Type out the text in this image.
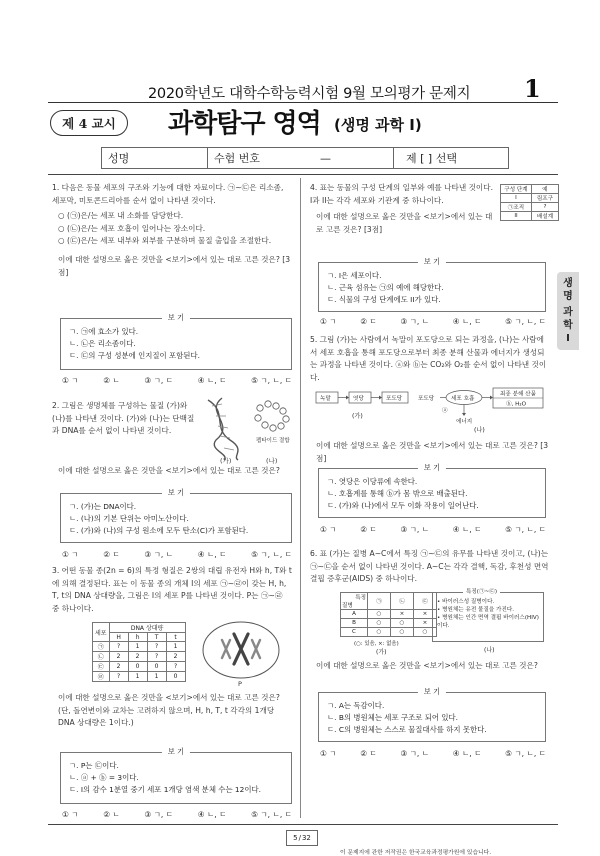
2020학년도 대학수학능력시험 9월 모의평가 문제지 1
제 4 교시	과학탐구 영역 (생명 과학 I)
성명	수험 번호	—	제 [ ] 선택
생
명
과
학
I

1. 다음은 동물 세포의 구조와 기능에 대한 자료이다. ㉠~㉢은 리소좀, 세포막, 미토콘드리아를 순서 없이 나타낸 것이다.

○ (㉠)은/는 세포 내 소화를 담당한다.

○ (㉡)은/는 세포 호흡이 일어나는 장소이다.

○ (㉢)은/는 세포 내부와 외부를 구분하며 물질 출입을 조절한다.

이에 대한 설명으로 옳은 것만을 <보기>에서 있는 대로 고른 것은? [3점]

보 기
ㄱ. ㉠에 효소가 있다.
ㄴ. ㉡은 리소좀이다.
ㄷ. ㉢의 구성 성분에 인지질이 포함된다.
① ㄱ	② ㄴ	③ ㄱ, ㄷ	④ ㄴ, ㄷ	⑤ ㄱ, ㄴ, ㄷ

2. 그림은 생명체를 구성하는 물질 (가)와 (나)를 나타낸 것이다. (가)와 (나)는 단백질과 DNA를 순서 없이 나타낸 것이다.

펩타이드 결합
(가)	(나)

이에 대한 설명으로 옳은 것만을 <보기>에서 있는 대로 고른 것은?

보 기
ㄱ. (가)는 DNA이다.
ㄴ. (나)의 기본 단위는 아미노산이다.
ㄷ. (가)와 (나)의 구성 원소에 모두 탄소(C)가 포함된다.
① ㄱ	② ㄷ	③ ㄱ, ㄴ	④ ㄴ, ㄷ	⑤ ㄱ, ㄴ, ㄷ

3. 어떤 동물 종(2n = 6)의 특정 형질은 2쌍의 대립 유전자 H와 h, T와 t에 의해 결정된다. 표는 이 동물 종의 개체 I의 세포 ㉠~㉣이 갖는 H, h, T, t의 DNA 상대량을, 그림은 I의 세포 P를 나타낸 것이다. P는 ㉠~㉣ 중 하나이다.

세포	DNA 상대량			
	H	h	T	t
㉠	?	1	?	1
㉡	2	2	?	2
㉢	2	0	0	?
㉣	?	1	1	0
P

이에 대한 설명으로 옳은 것만을 <보기>에서 있는 대로 고른 것은? (단, 돌연변이와 교차는 고려하지 않으며, H, h, T, t 각각의 1개당 DNA 상대량은 1이다.)

보 기
ㄱ. P는 ㉢이다.
ㄴ. ⓐ + ⓑ = 3이다.
ㄷ. I의 감수 1분열 중기 세포 1개당 염색 분체 수는 12이다.
① ㄱ	② ㄴ	③ ㄱ, ㄷ	④ ㄴ, ㄷ	⑤ ㄱ, ㄴ, ㄷ

4. 표는 동물의 구성 단계의 일부와 예를 나타낸 것이다. I과 II는 각각 세포와 기관계 중 하나이다.

이에 대한 설명으로 옳은 것만을 <보기>에서 있는 대로 고른 것은? [3점]

구성 단계	예
I	림프구
㉠조직	?
II	배설계
보 기
ㄱ. I은 세포이다.
ㄴ. 근육 섬유는 ㉠의 예에 해당한다.
ㄷ. 식물의 구성 단계에도 II가 있다.
① ㄱ	② ㄷ	③ ㄱ, ㄴ	④ ㄴ, ㄷ	⑤ ㄱ, ㄴ, ㄷ

5. 그림 (가)는 사람에서 녹말이 포도당으로 되는 과정을, (나)는 사람에서 세포 호흡을 통해 포도당으로부터 최종 분해 산물과 에너지가 생성되는 과정을 나타낸 것이다. ⓐ와 ⓑ는 CO₂와 O₂를 순서 없이 나타낸 것이다.

녹말	엿당	포도당
(가)
포도당	세포 호흡
최종 분해 산물
ⓑ, H₂O
ⓐ
에너지
(나)

이에 대한 설명으로 옳은 것만을 <보기>에서 있는 대로 고른 것은? [3점]

보 기
ㄱ. 엿당은 이당류에 속한다.
ㄴ. 호흡계를 통해 ⓑ가 몸 밖으로 배출된다.
ㄷ. (가)와 (나)에서 모두 이화 작용이 일어난다.
① ㄱ	② ㄷ	③ ㄱ, ㄴ	④ ㄴ, ㄷ	⑤ ㄱ, ㄴ, ㄷ

6. 표 (가)는 질병 A~C에서 특징 ㉠~㉢의 유무를 나타낸 것이고, (나)는 ㉠~㉢을 순서 없이 나타낸 것이다. A~C는 각각 결핵, 독감, 후천성 면역 결핍 증후군(AIDS) 중 하나이다.

특징
질병	㉠	㉡	㉢
A	○	×	×
B	○	○	×
C	○	○	○
(○: 있음, ×: 없음)
(가)
특징(㉠~㉢)
• 바이러스성 질병이다.
• 병원체는 유전 물질을 가진다.
• 병원체는 인간 면역 결핍 바이러스(HIV)이다.
(나)

이에 대한 설명으로 옳은 것만을 <보기>에서 있는 대로 고른 것은?

보 기
ㄱ. A는 독감이다.
ㄴ. B의 병원체는 세포 구조로 되어 있다.
ㄷ. C의 병원체는 스스로 물질대사를 하지 못한다.
① ㄱ	② ㄷ	③ ㄱ, ㄴ	④ ㄴ, ㄷ	⑤ ㄱ, ㄴ, ㄷ
5 / 32
이 문제지에 관한 저작권은 한국교육과정평가원에 있습니다.
